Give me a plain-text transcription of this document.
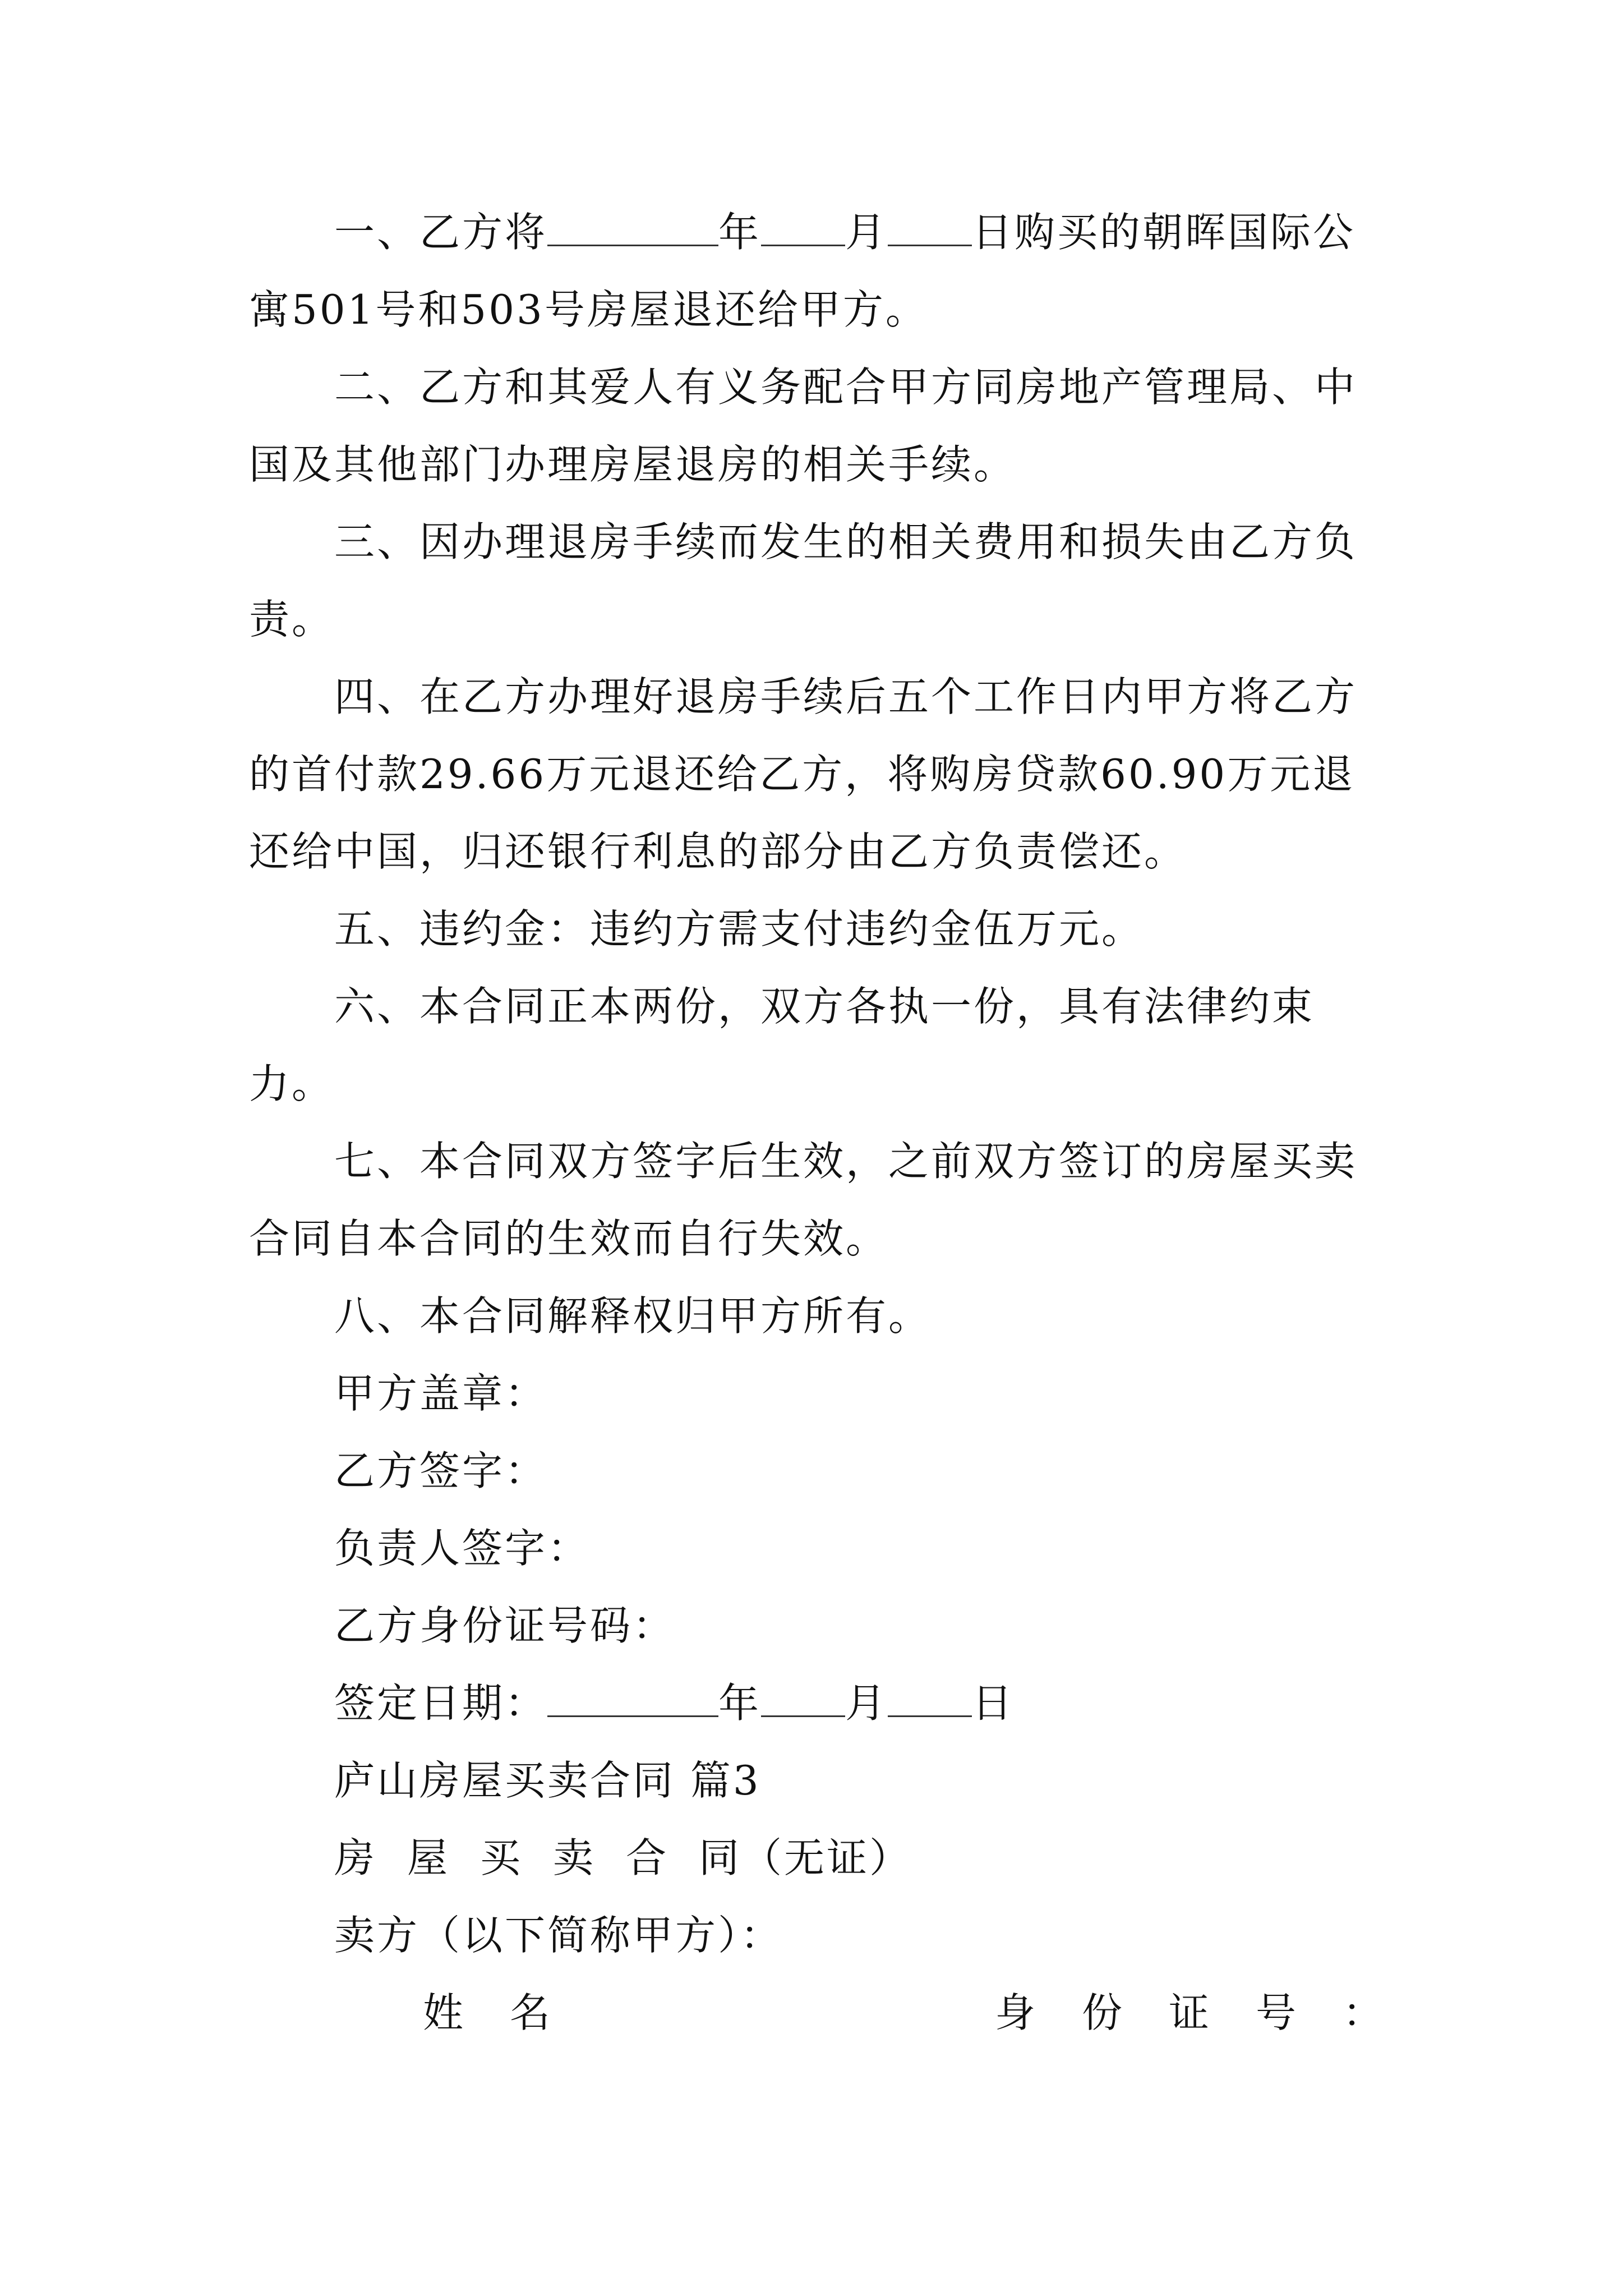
一、乙方将	年 月 日购买的朝晖国际公寓501号和503号房屋退还给甲方。

二、乙方和其爱人有义务配合甲方同房地产管理局、中国及其他部门办理房屋退房的相关手续。

三、因办理退房手续而发生的相关费用和损失由乙方负责。

四、在乙方办理好退房手续后五个工作日内甲方将乙方的首付款29.66万元退还给乙方，将购房贷款60.90万元退还给中国，归还银行利息的部分由乙方负责偿还。

五、违约金：违约方需支付违约金伍万元。

六、本合同正本两份，双方各执一份，具有法律约束力。

七、本合同双方签字后生效，之前双方签订的房屋买卖合同自本合同的生效而自行失效。

八、本合同解释权归甲方所有。

甲方盖章：

乙方签字：

负责人签字：

乙方身份证号码：

签定日期：	年 月 日

庐山房屋买卖合同 篇3

房 屋 买 卖 合 同（无证）

卖方（以下简称甲方）：

姓 名	身 份 证 号 ：
